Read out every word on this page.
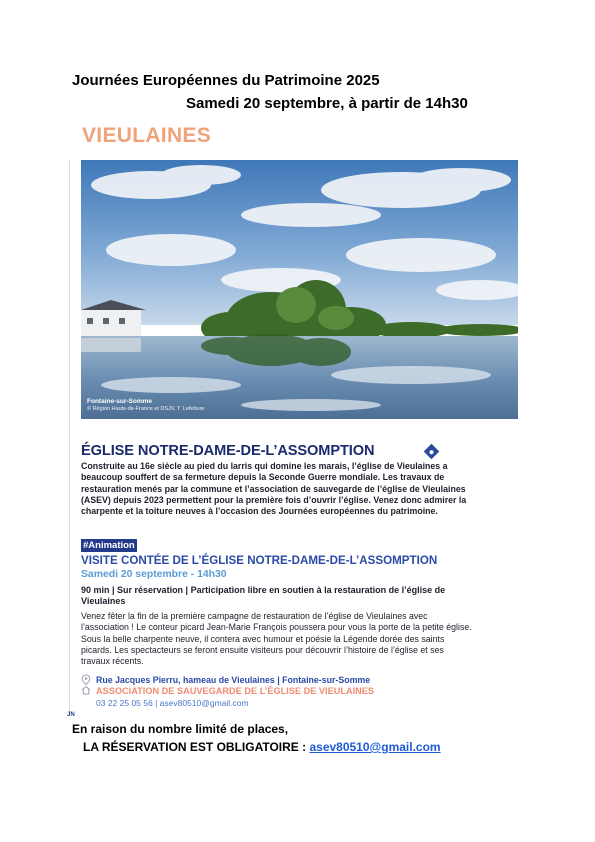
Journées Européennes du Patrimoine 2025
Samedi 20 septembre, à partir de 14h30
VIEULAINES
Fontaine-sur-Somme
© Région Hauts-de-France et DSJV, T. Lefebure
ÉGLISE NOTRE-DAME-DE-L’ASSOMPTION
Construite au 16e siècle au pied du larris qui domine les marais, l’église de Vieulaines a beaucoup souffert de sa fermeture depuis la Seconde Guerre mondiale. Les travaux de restauration menés par la commune et l’association de sauvegarde de l’église de Vieulaines (ASEV) depuis 2023 permettent pour la première fois d’ouvrir l’église. Venez donc admirer la charpente et la toiture neuves à l’occasion des Journées européennes du patrimoine.
#Animation
VISITE CONTÉE DE L’ÉGLISE NOTRE-DAME-DE-L’ASSOMPTION
Samedi 20 septembre - 14h30
90 min | Sur réservation | Participation libre en soutien à la restauration de l’église de Vieulaines
Venez fêter la fin de la première campagne de restauration de l’église de Vieulaines avec l’association ! Le conteur picard Jean-Marie François poussera pour vous la porte de la petite église. Sous la belle charpente neuve, il contera avec humour et poésie la Légende dorée des saints picards. Les spectacteurs se feront ensuite visiteurs pour découvrir l’histoire de l’église et ses travaux récents.
Rue Jacques Pierru, hameau de Vieulaines | Fontaine-sur-Somme
ASSOCIATION DE SAUVEGARDE DE L’ÉGLISE DE VIEULAINES
03 22 25 05 56 | asev80510@gmail.com
JN
En raison du nombre limité de places,
LA RÉSERVATION EST OBLIGATOIRE : asev80510@gmail.com
